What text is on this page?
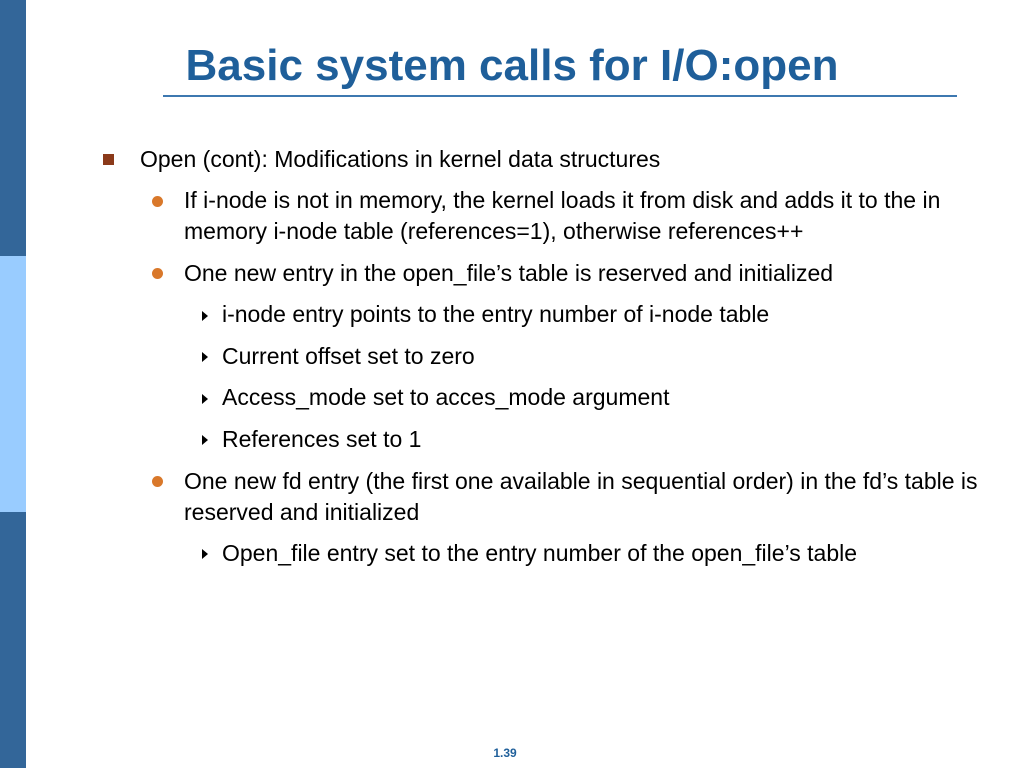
Basic system calls for I/O:open
Open (cont): Modifications in kernel data structures
If i-node is not in memory, the kernel loads it from disk and adds it to the in memory i-node table (references=1), otherwise references++
One new entry in the open_file’s table is reserved and initialized
i-node entry points to the entry number of i-node table
Current offset set to zero
Access_mode set to acces_mode argument
References set to 1
One new fd entry (the first one available in sequential order) in the fd’s table is reserved and initialized
Open_file entry set to the entry number of the open_file’s table
1.39
